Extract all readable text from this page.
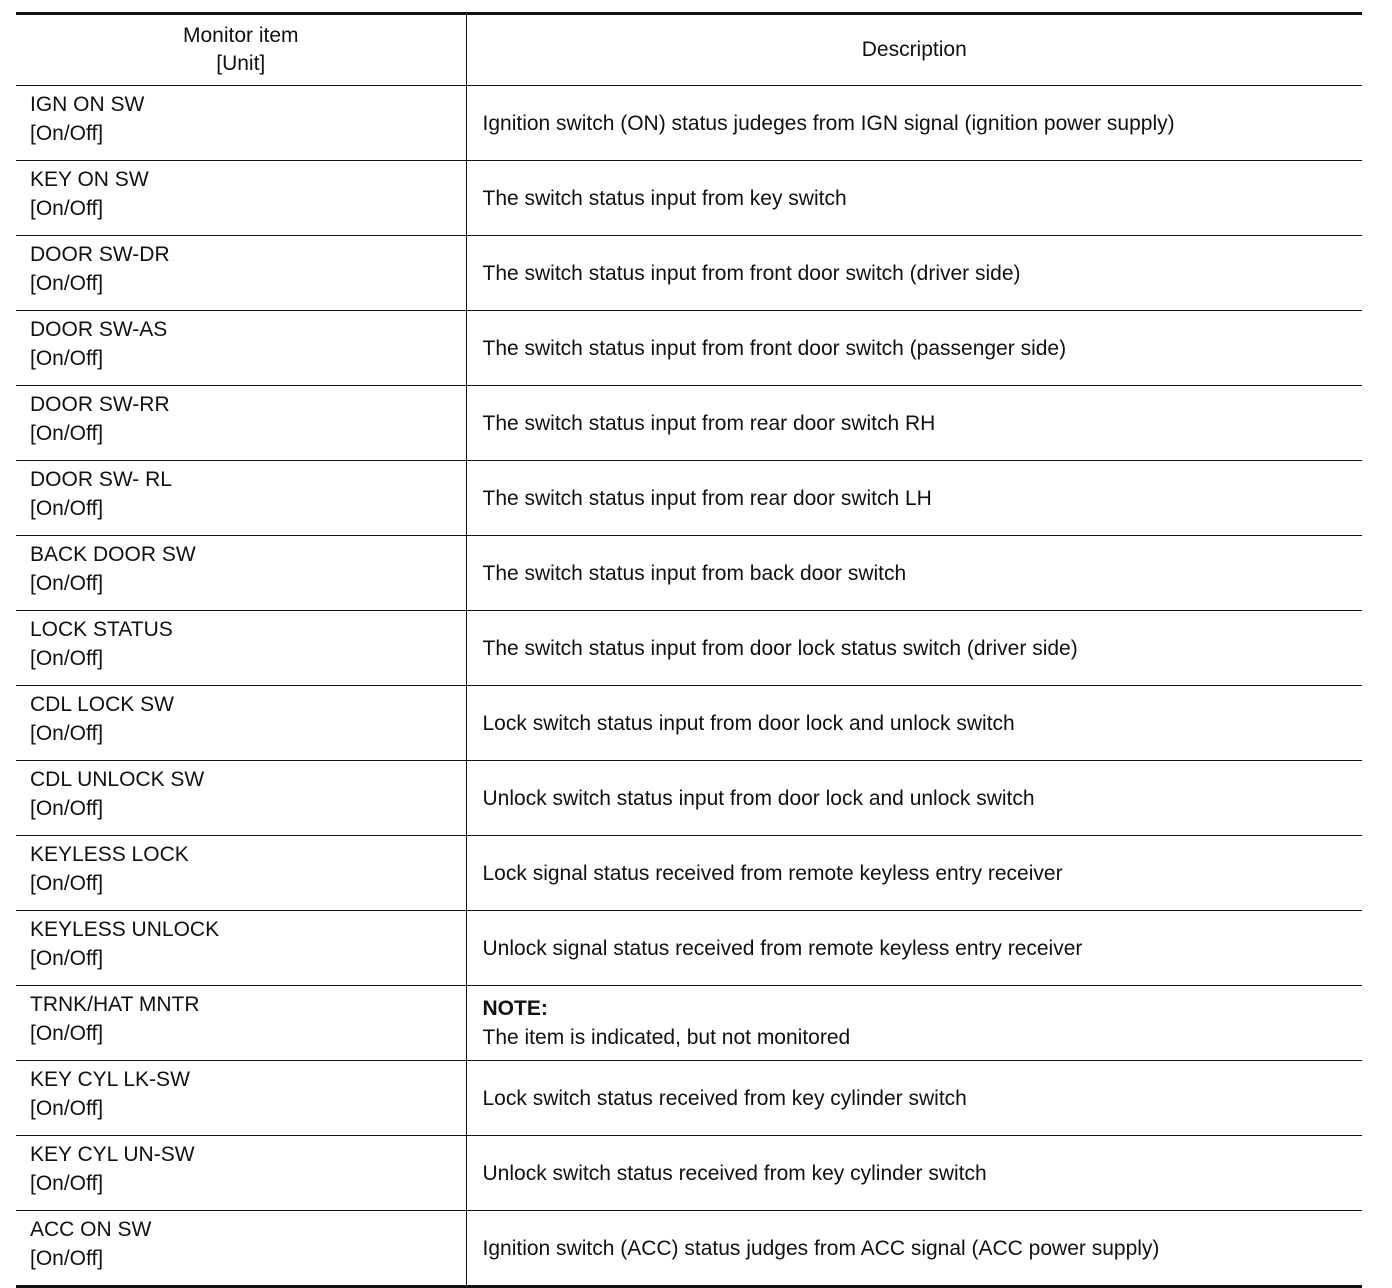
Monitor item
[Unit]	Description

IGN ON SW
[On/Off]	Ignition switch (ON) status judeges from IGN signal (ignition power supply)

KEY ON SW
[On/Off]	The switch status input from key switch

DOOR SW-DR
[On/Off]	The switch status input from front door switch (driver side)

DOOR SW-AS
[On/Off]	The switch status input from front door switch (passenger side)

DOOR SW-RR
[On/Off]	The switch status input from rear door switch RH

DOOR SW- RL
[On/Off]	The switch status input from rear door switch LH

BACK DOOR SW
[On/Off]	The switch status input from back door switch

LOCK STATUS
[On/Off]	The switch status input from door lock status switch (driver side)

CDL LOCK SW
[On/Off]	Lock switch status input from door lock and unlock switch

CDL UNLOCK SW
[On/Off]	Unlock switch status input from door lock and unlock switch

KEYLESS LOCK
[On/Off]	Lock signal status received from remote keyless entry receiver

KEYLESS UNLOCK
[On/Off]	Unlock signal status received from remote keyless entry receiver

TRNK/HAT MNTR
[On/Off]	NOTE:
The item is indicated, but not monitored

KEY CYL LK-SW
[On/Off]	Lock switch status received from key cylinder switch

KEY CYL UN-SW
[On/Off]	Unlock switch status received from key cylinder switch

ACC ON SW
[On/Off]	Ignition switch (ACC) status judges from ACC signal (ACC power supply)
